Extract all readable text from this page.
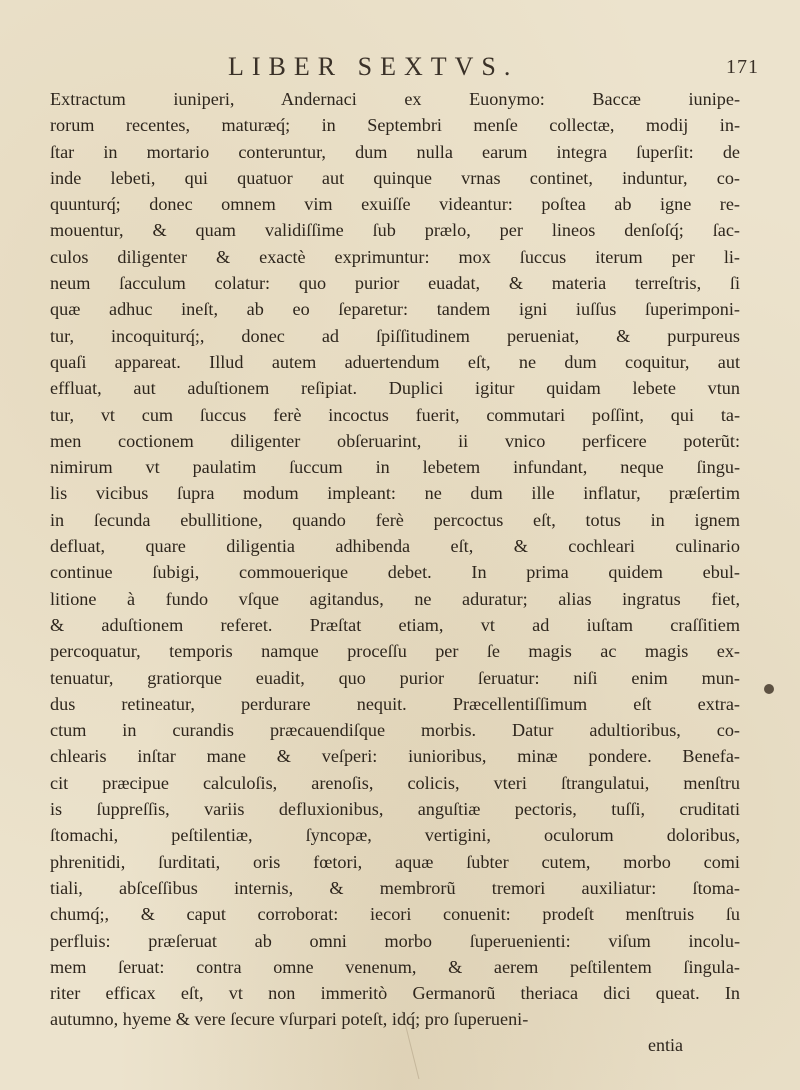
LIBER SEXTVS.	171
Extractum iuniperi, Andernaci ex Euonymo: Baccæ iunipe-
rorum recentes, maturæq́; in Septembri menſe collectæ, modij in-
ſtar in mortario conteruntur, dum nulla earum integra ſuperſit: de
inde lebeti, qui quatuor aut quinque vrnas continet, induntur, co-
quunturq́; donec omnem vim exuiſſe videantur: poſtea ab igne re-
mouentur, & quam validiſſime ſub prælo, per lineos denſoſq́; ſac-
culos diligenter & exactè exprimuntur: mox ſuccus iterum per li-
neum ſacculum colatur: quo purior euadat, & materia terreſtris, ſi
quæ adhuc ineſt, ab eo ſeparetur: tandem igni iuſſus ſuperimponi-
tur, incoquiturq́;, donec ad ſpiſſitudinem perueniat, & purpureus
quaſi appareat. Illud autem aduertendum eſt, ne dum coquitur, aut
effluat, aut aduſtionem reſipiat. Duplici igitur quidam lebete vtun
tur, vt cum ſuccus ferè incoctus fuerit, commutari poſſint, qui ta-
men coctionem diligenter obſeruarint, ii vnico perficere poterũt:
nimirum vt paulatim ſuccum in lebetem infundant, neque ſingu-
lis vicibus ſupra modum impleant: ne dum ille inflatur, præſertim
in ſecunda ebullitione, quando ferè percoctus eſt, totus in ignem
defluat, quare diligentia adhibenda eſt, & cochleari culinario
continue ſubigi, commouerique debet. In prima quidem ebul-
litione à fundo vſque agitandus, ne aduratur; alias ingratus fiet,
& aduſtionem referet. Præſtat etiam, vt ad iuſtam craſſitiem
percoquatur, temporis namque proceſſu per ſe magis ac magis ex-
tenuatur, gratiorque euadit, quo purior ſeruatur: niſi enim mun-
dus retineatur, perdurare nequit. Præcellentiſſimum eſt extra-
ctum in curandis præcauendiſque morbis. Datur adultioribus, co-
chlearis inſtar mane & veſperi: iunioribus, minæ pondere. Benefa-
cit præcipue calculoſis, arenoſis, colicis, vteri ſtrangulatui, menſtru
is ſuppreſſis, variis defluxionibus, anguſtiæ pectoris, tuſſi, cruditati
ſtomachi, peſtilentiæ, ſyncopæ, vertigini, oculorum doloribus,
phrenitidi, ſurditati, oris fœtori, aquæ ſubter cutem, morbo comi
tiali, abſceſſibus internis, & membrorũ tremori auxiliatur: ſtoma-
chumq́;, & caput corroborat: iecori conuenit: prodeſt menſtruis ſu
perfluis: præſeruat ab omni morbo ſuperuenienti: viſum incolu-
mem ſeruat: contra omne venenum, & aerem peſtilentem ſingula-
riter efficax eſt, vt non immeritò Germanorũ theriaca dici queat. In
autumno, hyeme & vere ſecure vſurpari poteſt, idq́; pro ſuperueni-
entia
